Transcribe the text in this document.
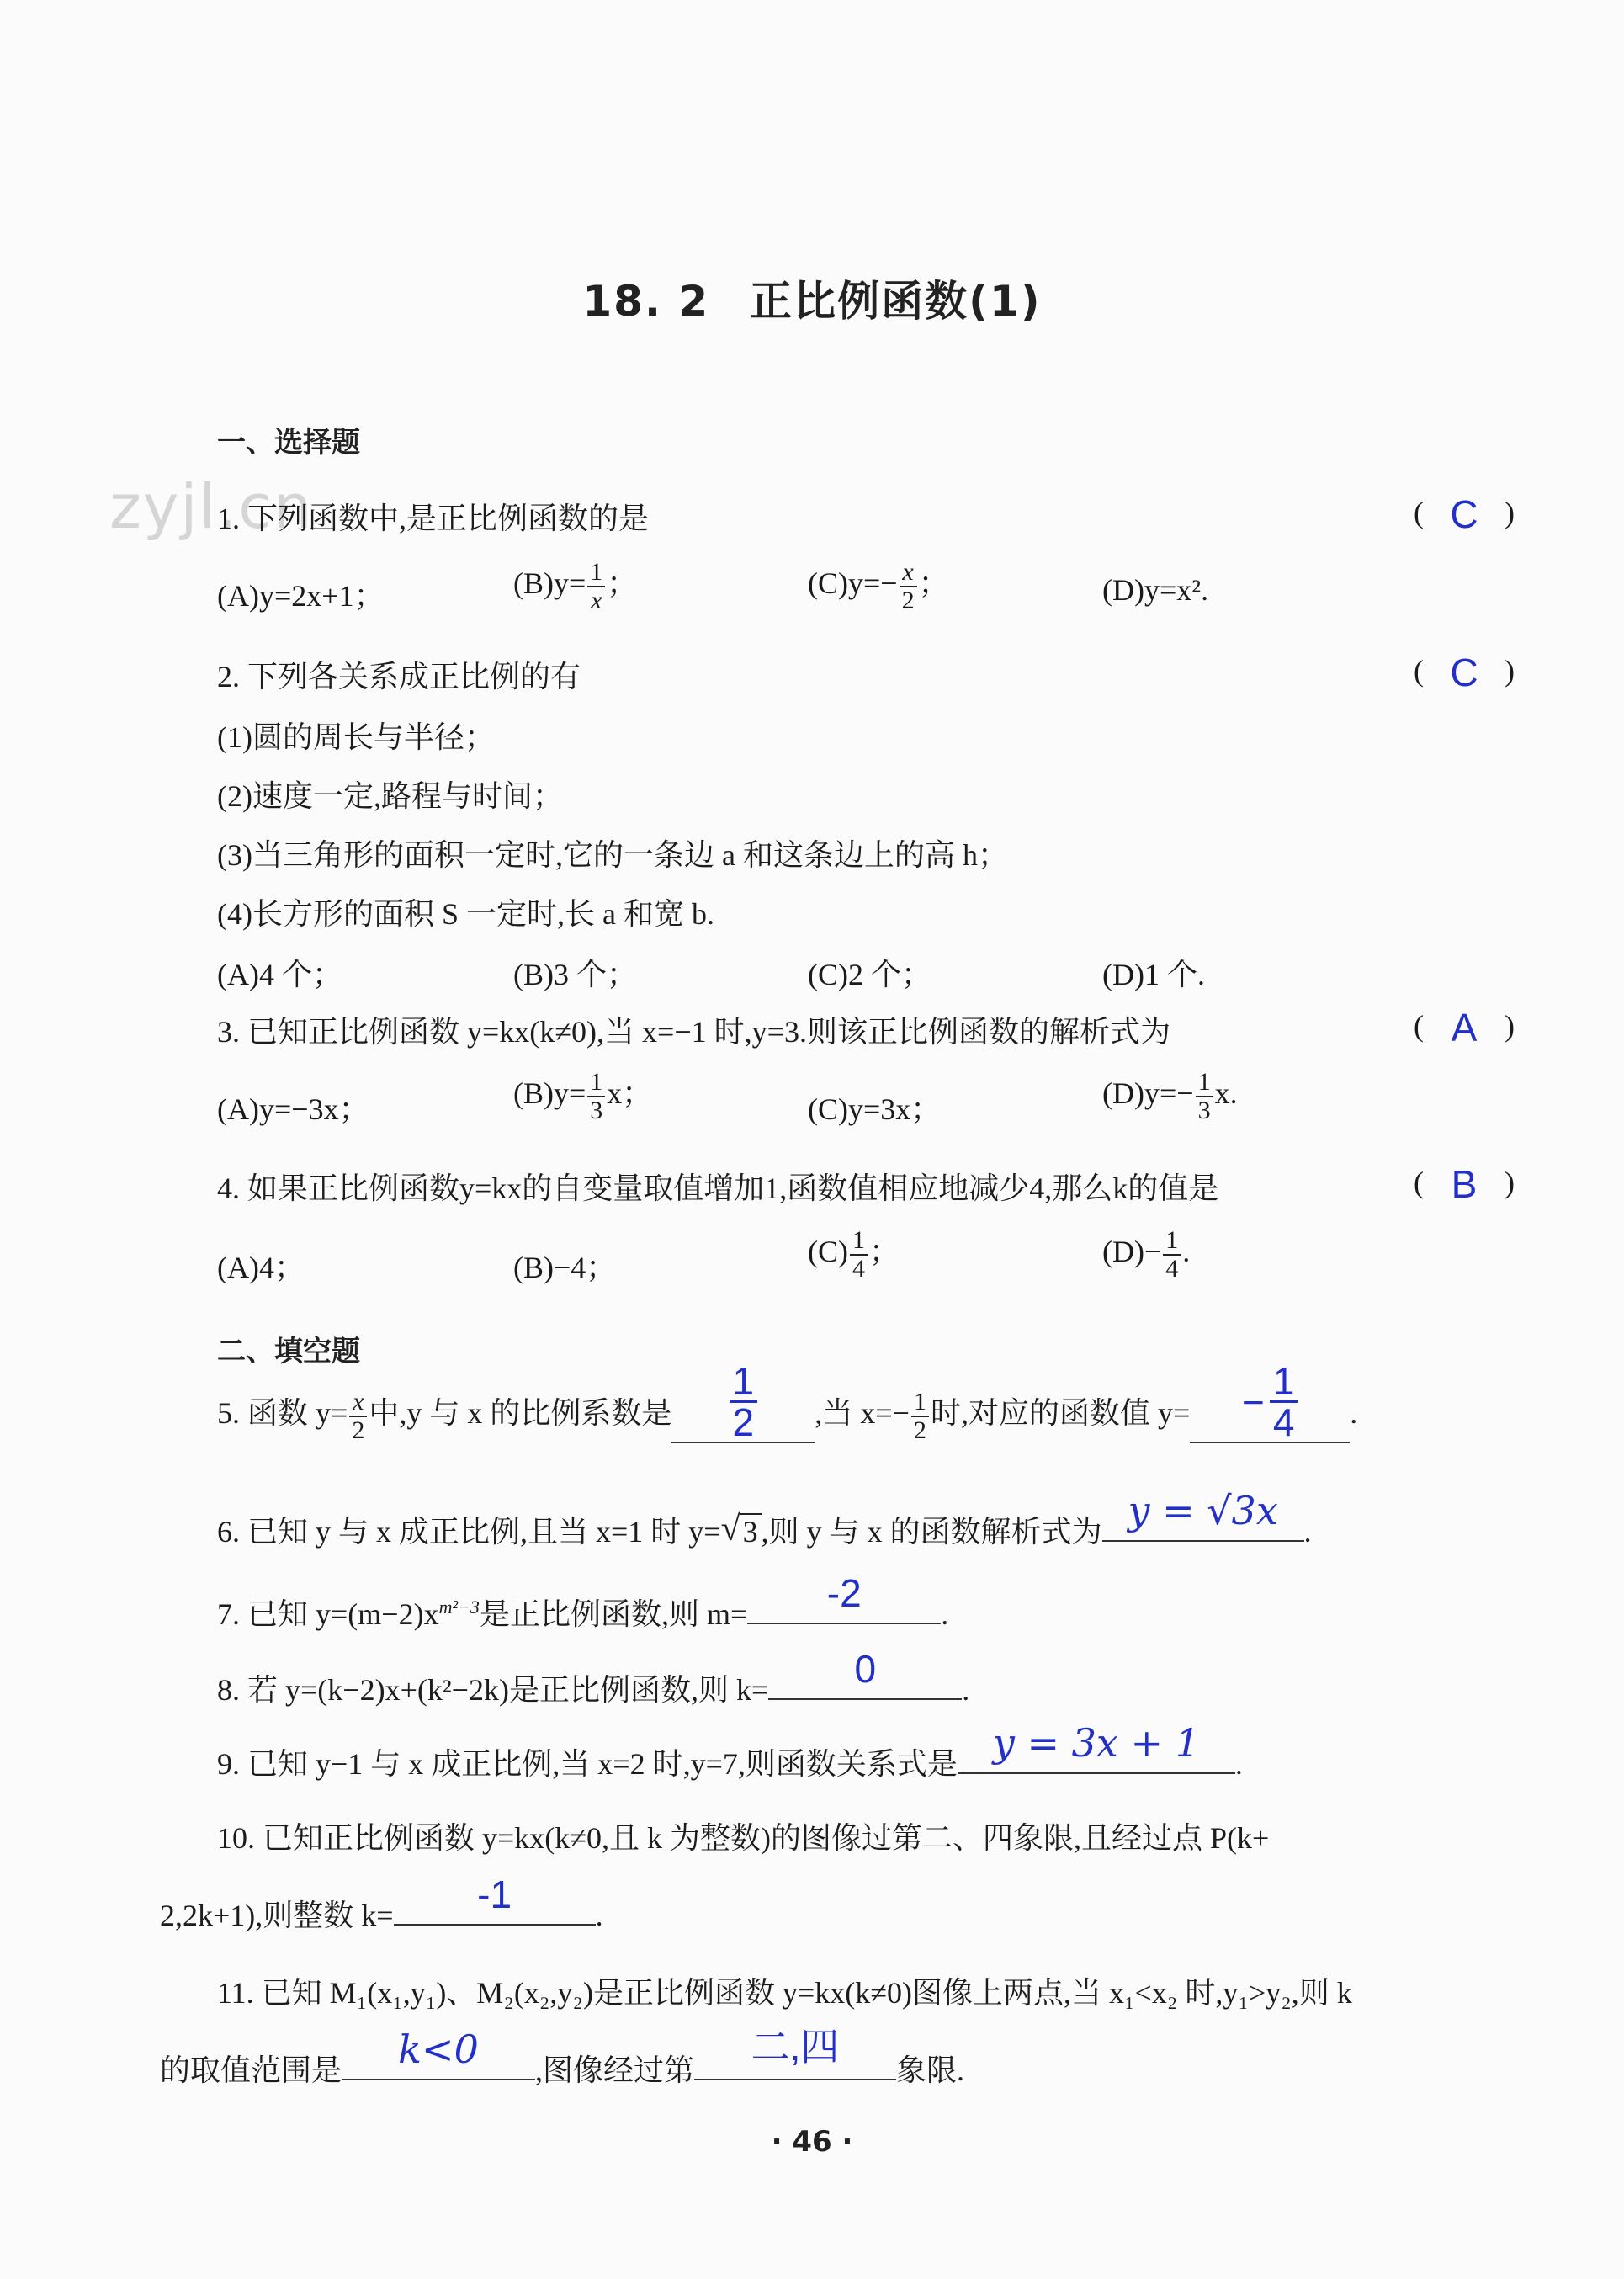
zyjl.cn
18. 2 正比例函数(1)
一、选择题
1. 下列函数中,是正比例函数的是	( C )
(A)y=2x+1；	$(B)y= \frac{1}{x}$ ；	$(C)y=- \frac{x}{2}$ ；	(D)y=x².
2. 下列各关系成正比例的有	( C )
(1)圆的周长与半径；
(2)速度一定,路程与时间；
(3)当三角形的面积一定时,它的一条边 a 和这条边上的高 h；
(4)长方形的面积 S 一定时,长 a 和宽 b.
(A)4 个；	(B)3 个；	(C)2 个；	(D)1 个.
3. 已知正比例函数 y=kx(k≠0),当 x=−1 时,y=3.则该正比例函数的解析式为	( A )
(A)y=−3x；	$(B)y= \frac{1}{3}$ x；	(C)y=3x；	$(D)y=- \frac{1}{3} x$.
4. 如果正比例函数y=kx的自变量取值增加1,函数值相应地减少4,那么k的值是	( B )
(A)4；	(B)−4；	$(C) \frac{1}{4}$ ；	$(D)- \frac{1}{4}$ .
二、填空题
5. 函数 $y= \frac{x}{2}$ 中,y 与 x 的比例系数是$\frac{1}{2}$ ,当 $x=- \frac{1}{2}$ 时,对应的函数值 $y= - \frac{1}{4}$ .
6. 已知 y 与 x 成正比例,且当 x=1 时 y= √ 3 ,则 y 与 x 的函数解析式为 y = √3x .
7. 已知 $y=(m-2)x^{m^2-3}$是正比例函数,则 m=	-2	.
8. 若 y=(k−2)x+(k²−2k)是正比例函数,则 k=	0	.
9. 已知 y−1 与 x 成正比例,当 x=2 时,y=7,则函数关系式是 y = 3x + 1	.
10. 已知正比例函数 y=kx(k≠0,且 k 为整数)的图像过第二、四象限,且经过点 P(k+
2,2k+1),则整数 k=	-1	.
11. 已知 M₁(x₁,y₁)、M₂(x₂,y₂)是正比例函数 y=kx(k≠0)图像上两点,当 x₁<x₂ 时,y₁>y₂,则 k
的取值范围是	k<0	,图像经过第
二,四
象限.
· 46 ·
